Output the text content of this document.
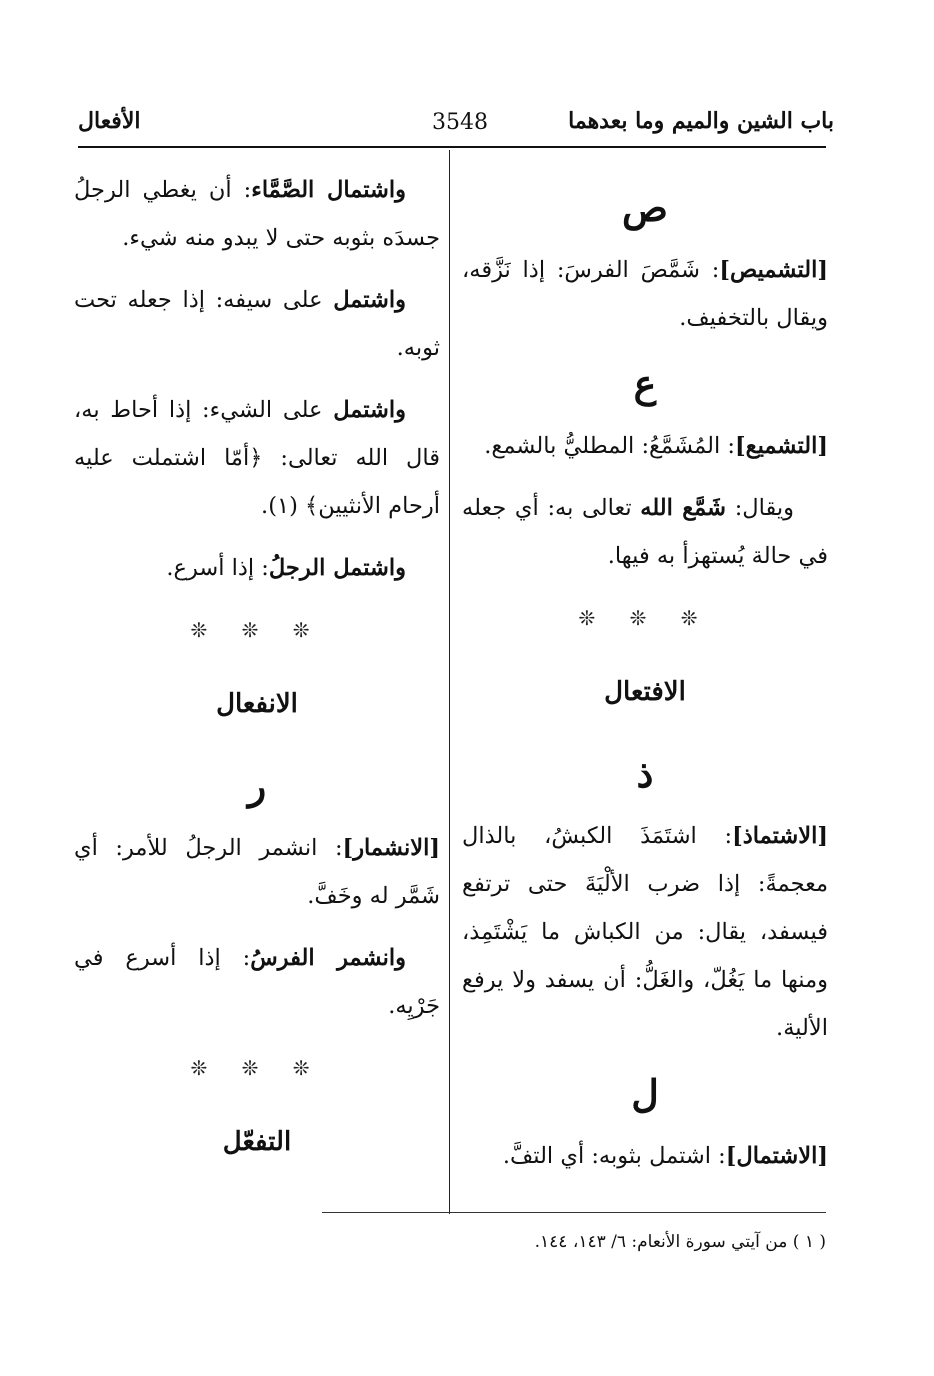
باب الشين والميم وما بعدهما
3548
الأفعال
ص

[التشميص]: شَمَّصَ الفرسَ: إذا نَزَّقه، ويقال بالتخفيف.

ع

[التشميع]: المُشَمَّعُ: المطليُّ بالشمع.

ويقال: شَمَّع الله تعالى به: أي جعله في حالة يُستهزأ به فيها.

❊ ❊ ❊
الافتعال
ذ

[الاشتماذ]: اشتَمَذَ الكبشُ، بالذال معجمةً: إذا ضرب الألْيَةَ حتى ترتفع فيسفد، يقال: من الكباش ما يَشْتَمِذ، ومنها ما يَغُلّ، والغَلُّ: أن يسفد ولا يرفع الألية.

ل

[الاشتمال]: اشتمل بثوبه: أي التفَّ.

واشتمال الصَّمَّاء: أن يغطي الرجلُ جسدَه بثوبه حتى لا يبدو منه شيء.

واشتمل على سيفه: إذا جعله تحت ثوبه.

واشتمل على الشيء: إذا أحاط به، قال الله تعالى: ﴿أمّا اشتملت عليه أرحام الأنثيين﴾ (١).

واشتمل الرجلُ: إذا أسرع.

❊ ❊ ❊
الانفعال
ر

[الانشمار]: انشمر الرجلُ للأمر: أي شَمَّر له وخَفَّ.

وانشمر الفرسُ: إذا أسرع في جَرْيِه.

❊ ❊ ❊
التفعّل
( ١ ) من آيتي سورة الأنعام: ٦/ ١٤٣، ١٤٤.
